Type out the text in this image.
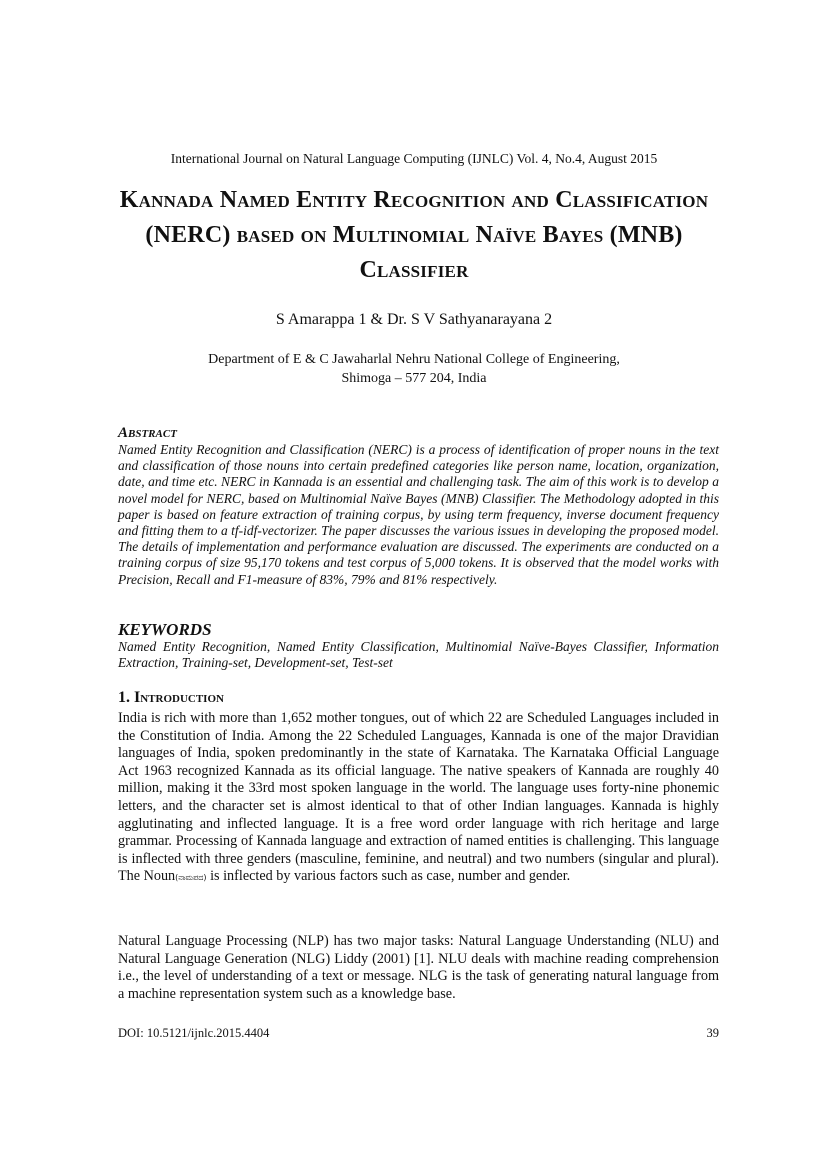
International Journal on Natural Language Computing (IJNLC) Vol. 4, No.4, August 2015
Kannada Named Entity Recognition and Classification (NERC) based on Multinomial Naïve Bayes (MNB) Classifier
S Amarappa 1 & Dr. S V Sathyanarayana 2
Department of E & C Jawaharlal Nehru National College of Engineering,
Shimoga – 577 204, India
Abstract
Named Entity Recognition and Classification (NERC) is a process of identification of proper nouns in the text and classification of those nouns into certain predefined categories like person name, location, organization, date, and time etc. NERC in Kannada is an essential and challenging task. The aim of this work is to develop a novel model for NERC, based on Multinomial Naïve Bayes (MNB) Classifier. The Methodology adopted in this paper is based on feature extraction of training corpus, by using term frequency, inverse document frequency and fitting them to a tf-idf-vectorizer. The paper discusses the various issues in developing the proposed model. The details of implementation and performance evaluation are discussed. The experiments are conducted on a training corpus of size 95,170 tokens and test corpus of 5,000 tokens. It is observed that the model works with Precision, Recall and F1-measure of 83%, 79% and 81% respectively.
KEYWORDS
Named Entity Recognition, Named Entity Classification, Multinomial Naïve-Bayes Classifier, Information Extraction, Training-set, Development-set, Test-set
1. Introduction
India is rich with more than 1,652 mother tongues, out of which 22 are Scheduled Languages included in the Constitution of India. Among the 22 Scheduled Languages, Kannada is one of the major Dravidian languages of India, spoken predominantly in the state of Karnataka. The Karnataka Official Language Act 1963 recognized Kannada as its official language. The native speakers of Kannada are roughly 40 million, making it the 33rd most spoken language in the world. The language uses forty-nine phonemic letters, and the character set is almost identical to that of other Indian languages. Kannada is highly agglutinating and inflected language. It is a free word order language with rich heritage and large grammar. Processing of Kannada language and extraction of named entities is challenging. This language is inflected with three genders (masculine, feminine, and neutral) and two numbers (singular and plural). The Noun(ನಾಮಪದ) is inflected by various factors such as case, number and gender.
Natural Language Processing (NLP) has two major tasks: Natural Language Understanding (NLU) and Natural Language Generation (NLG) Liddy (2001) [1]. NLU deals with machine reading comprehension i.e., the level of understanding of a text or message. NLG is the task of generating natural language from a machine representation system such as a knowledge base.
DOI: 10.5121/ijnlc.2015.4404	39
